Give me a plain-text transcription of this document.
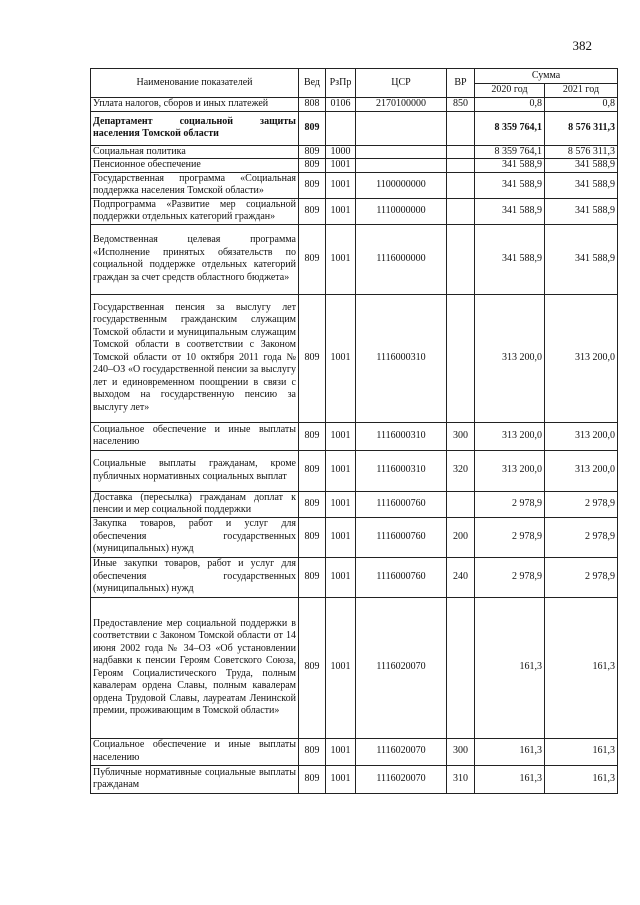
382
Наименование показателей	Вед	РзПр	ЦСР	ВР	Сумма	
					2020 год	2021 год
Уплата налогов, сборов и иных платежей	808	0106	2170100000	850	0,8	0,8
Департамент социальной защиты населения Томской области	809				8 359 764,1	8 576 311,3
Социальная политика	809	1000			8 359 764,1	8 576 311,3
Пенсионное обеспечение	809	1001			341 588,9	341 588,9
Государственная программа «Социальная поддержка населения Томской области»	809	1001	1100000000		341 588,9	341 588,9
Подпрограмма «Развитие мер социальной поддержки отдельных категорий граждан»	809	1001	1110000000		341 588,9	341 588,9
Ведомственная целевая программа «Исполнение принятых обязательств по социальной поддержке отдельных категорий граждан за счет средств областного бюджета»	809	1001	1116000000		341 588,9	341 588,9
Государственная пенсия за выслугу лет государственным гражданским служащим Томской области и муниципальным служащим Томской области в соответствии с Законом Томской области от 10 октября 2011 года № 240–ОЗ «О государственной пенсии за выслугу лет и единовременном поощрении в связи с выходом на государственную пенсию за выслугу лет»	809	1001	1116000310		313 200,0	313 200,0
Социальное обеспечение и иные выплаты населению	809	1001	1116000310	300	313 200,0	313 200,0
Социальные выплаты гражданам, кроме публичных нормативных социальных выплат	809	1001	1116000310	320	313 200,0	313 200,0
Доставка (пересылка) гражданам доплат к пенсии и мер социальной поддержки	809	1001	1116000760		2 978,9	2 978,9
Закупка товаров, работ и услуг для обеспечения государственных (муниципальных) нужд	809	1001	1116000760	200	2 978,9	2 978,9
Иные закупки товаров, работ и услуг для обеспечения государственных (муниципальных) нужд	809	1001	1116000760	240	2 978,9	2 978,9
Предоставление мер социальной поддержки в соответствии с Законом Томской области от 14 июня 2002 года № 34–ОЗ «Об установлении надбавки к пенсии Героям Советского Союза, Героям Социалистического Труда, полным кавалерам ордена Славы, полным кавалерам ордена Трудовой Славы, лауреатам Ленинской премии, проживающим в Томской области»	809	1001	1116020070		161,3	161,3
Социальное обеспечение и иные выплаты населению	809	1001	1116020070	300	161,3	161,3
Публичные нормативные социальные выплаты гражданам	809	1001	1116020070	310	161,3	161,3
